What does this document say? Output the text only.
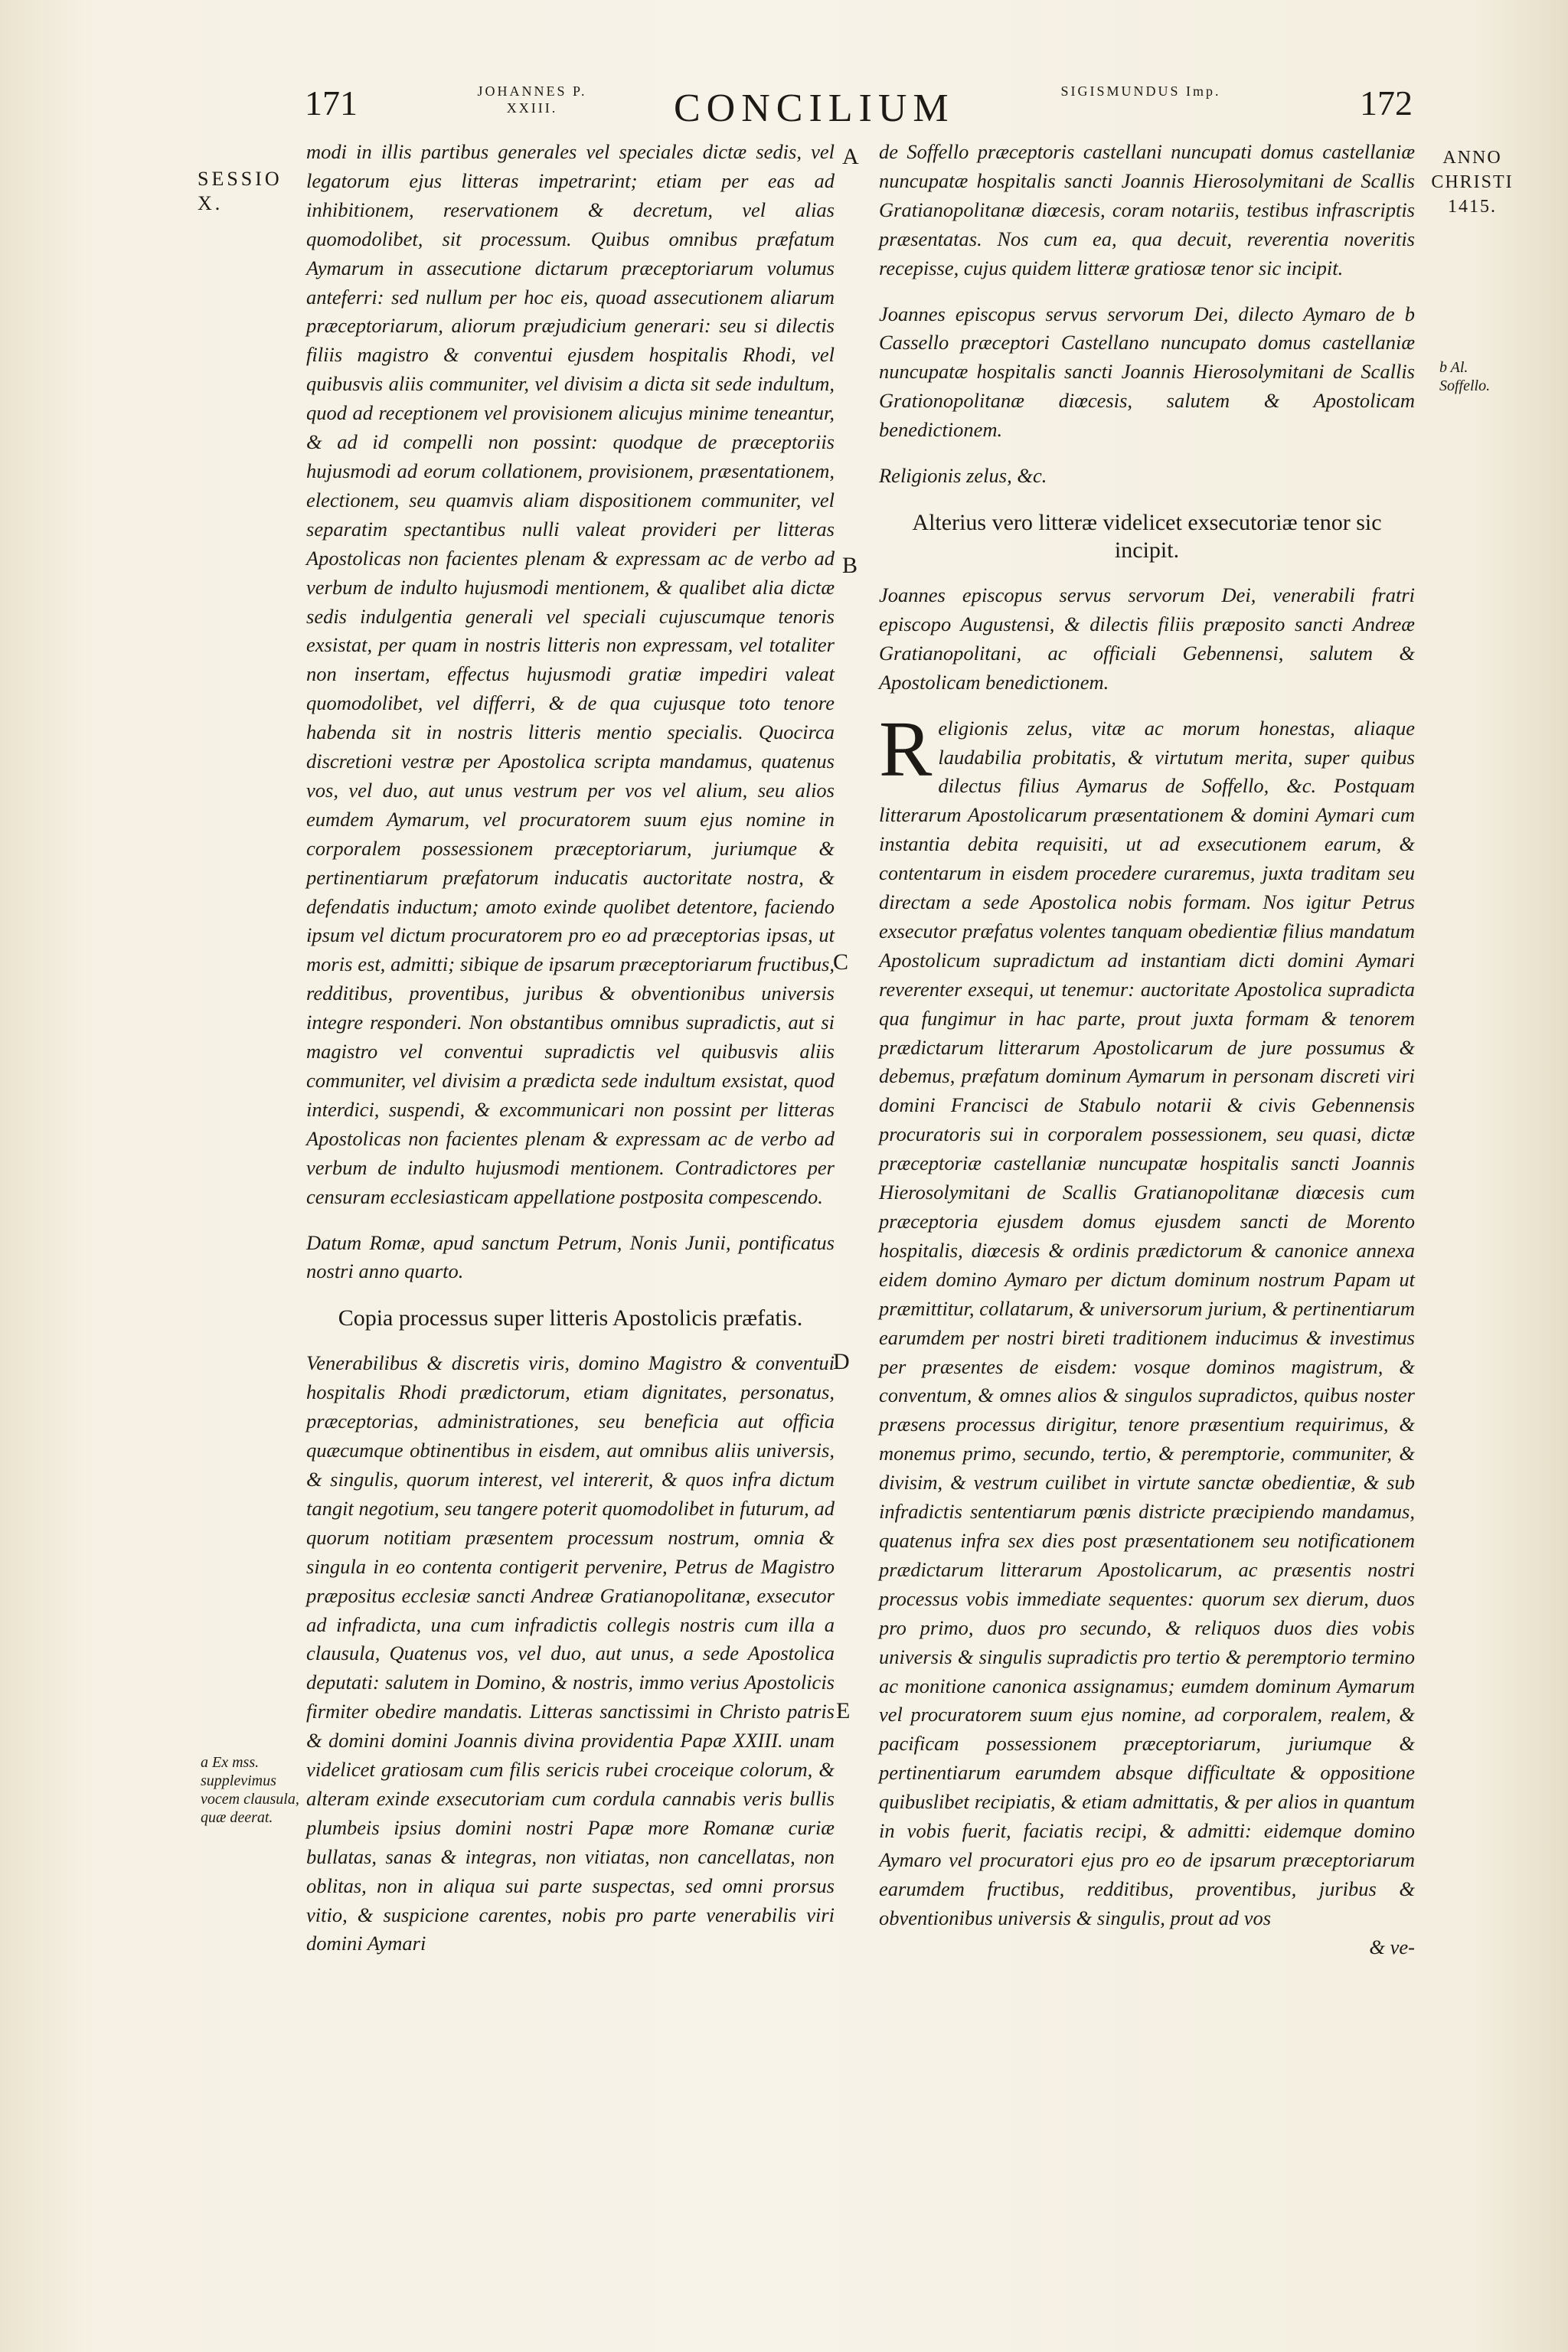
171	JOHANNES P. XXIII.	CONCILIUM	SIGISMUNDUS Imp.	172
SESSIO X.
a Ex mss. supplevimus vocem clausula, quæ deerat.
ANNO CHRISTI 1415.
b Al. Soffello.
A
B
C
D
E

modi in illis partibus generales vel speciales dictæ sedis, vel legatorum ejus litteras impetrarint; etiam per eas ad inhibitionem, reservationem & decretum, vel alias quomodolibet, sit processum. Quibus omnibus præfatum Aymarum in assecutione dictarum præceptoriarum volumus anteferri: sed nullum per hoc eis, quoad assecutionem aliarum præceptoriarum, aliorum præjudicium generari: seu si dilectis filiis magistro & conventui ejusdem hospitalis Rhodi, vel quibusvis aliis communiter, vel divisim a dicta sit sede indultum, quod ad receptionem vel provisionem alicujus minime teneantur, & ad id compelli non possint: quodque de præceptoriis hujusmodi ad eorum collationem, provisionem, præsentationem, electionem, seu quamvis aliam dispositionem communiter, vel separatim spectantibus nulli valeat provideri per litteras Apostolicas non facientes plenam & expressam ac de verbo ad verbum de indulto hujusmodi mentionem, & qualibet alia dictæ sedis indulgentia generali vel speciali cujuscumque tenoris exsistat, per quam in nostris litteris non expressam, vel totaliter non insertam, effectus hujusmodi gratiæ impediri valeat quomodolibet, vel differri, & de qua cujusque toto tenore habenda sit in nostris litteris mentio specialis. Quocirca discretioni vestræ per Apostolica scripta mandamus, quatenus vos, vel duo, aut unus vestrum per vos vel alium, seu alios eumdem Aymarum, vel procuratorem suum ejus nomine in corporalem possessionem præceptoriarum, juriumque & pertinentiarum præfatorum inducatis auctoritate nostra, & defendatis inductum; amoto exinde quolibet detentore, faciendo ipsum vel dictum procuratorem pro eo ad præceptorias ipsas, ut moris est, admitti; sibique de ipsarum præceptoriarum fructibus, redditibus, proventibus, juribus & obventionibus universis integre responderi. Non obstantibus omnibus supradictis, aut si magistro vel conventui supradictis vel quibusvis aliis communiter, vel divisim a prædicta sede indultum exsistat, quod interdici, suspendi, & excommunicari non possint per litteras Apostolicas non facientes plenam & expressam ac de verbo ad verbum de indulto hujusmodi mentionem. Contradictores per censuram ecclesiasticam appellatione postposita compescendo.

Datum Romæ, apud sanctum Petrum, Nonis Junii, pontificatus nostri anno quarto.

Copia processus super litteris Apostolicis præfatis.

Venerabilibus & discretis viris, domino Magistro & conventui hospitalis Rhodi prædictorum, etiam dignitates, personatus, præceptorias, administrationes, seu beneficia aut officia quæcumque obtinentibus in eisdem, aut omnibus aliis universis, & singulis, quorum interest, vel intererit, & quos infra dictum tangit negotium, seu tangere poterit quomodolibet in futurum, ad quorum notitiam præsentem processum nostrum, omnia & singula in eo contenta contigerit pervenire, Petrus de Magistro præpositus ecclesiæ sancti Andreæ Gratianopolitanæ, exsecutor ad infradicta, una cum infradictis collegis nostris cum illa a clausula, Quatenus vos, vel duo, aut unus, a sede Apostolica deputati: salutem in Domino, & nostris, immo verius Apostolicis firmiter obedire mandatis. Litteras sanctissimi in Christo patris & domini domini Joannis divina providentia Papæ XXIII. unam videlicet gratiosam cum filis sericis rubei croceique colorum, & alteram exinde exsecutoriam cum cordula cannabis veris bullis plumbeis ipsius domini nostri Papæ more Romanæ curiæ bullatas, sanas & integras, non vitiatas, non cancellatas, non oblitas, non in aliqua sui parte suspectas, sed omni prorsus vitio, & suspicione carentes, nobis pro parte venerabilis viri domini Aymari

de Soffello præceptoris castellani nuncupati domus castellaniæ nuncupatæ hospitalis sancti Joannis Hierosolymitani de Scallis Gratianopolitanæ diœcesis, coram notariis, testibus infrascriptis præsentatas. Nos cum ea, qua decuit, reverentia noveritis recepisse, cujus quidem litteræ gratiosæ tenor sic incipit.

Joannes episcopus servus servorum Dei, dilecto Aymaro de b Cassello præceptori Castellano nuncupato domus castellaniæ nuncupatæ hospitalis sancti Joannis Hierosolymitani de Scallis Grationopolitanæ diœcesis, salutem & Apostolicam benedictionem.

Religionis zelus, &c.

Alterius vero litteræ videlicet exsecutoriæ tenor sic incipit.

Joannes episcopus servus servorum Dei, venerabili fratri episcopo Augustensi, & dilectis filiis præposito sancti Andreæ Gratianopolitani, ac officiali Gebennensi, salutem & Apostolicam benedictionem.

Religionis zelus, vitæ ac morum honestas, aliaque laudabilia probitatis, & virtutum merita, super quibus dilectus filius Aymarus de Soffello, &c. Postquam litterarum Apostolicarum præsentationem & domini Aymari cum instantia debita requisiti, ut ad exsecutionem earum, & contentarum in eisdem procedere curaremus, juxta traditam seu directam a sede Apostolica nobis formam. Nos igitur Petrus exsecutor præfatus volentes tanquam obedientiæ filius mandatum Apostolicum supradictum ad instantiam dicti domini Aymari reverenter exsequi, ut tenemur: auctoritate Apostolica supradicta qua fungimur in hac parte, prout juxta formam & tenorem prædictarum litterarum Apostolicarum de jure possumus & debemus, præfatum dominum Aymarum in personam discreti viri domini Francisci de Stabulo notarii & civis Gebennensis procuratoris sui in corporalem possessionem, seu quasi, dictæ præceptoriæ castellaniæ nuncupatæ hospitalis sancti Joannis Hierosolymitani de Scallis Gratianopolitanæ diœcesis cum præceptoria ejusdem domus ejusdem sancti de Morento hospitalis, diœcesis & ordinis prædictorum & canonice annexa eidem domino Aymaro per dictum dominum nostrum Papam ut præmittitur, collatarum, & universorum jurium, & pertinentiarum earumdem per nostri bireti traditionem inducimus & investimus per præsentes de eisdem: vosque dominos magistrum, & conventum, & omnes alios & singulos supradictos, quibus noster præsens processus dirigitur, tenore præsentium requirimus, & monemus primo, secundo, tertio, & peremptorie, communiter, & divisim, & vestrum cuilibet in virtute sanctæ obedientiæ, & sub infradictis sententiarum pœnis districte præcipiendo mandamus, quatenus infra sex dies post præsentationem seu notificationem prædictarum litterarum Apostolicarum, ac præsentis nostri processus vobis immediate sequentes: quorum sex dierum, duos pro primo, duos pro secundo, & reliquos duos dies vobis universis & singulis supradictis pro tertio & peremptorio termino ac monitione canonica assignamus; eumdem dominum Aymarum vel procuratorem suum ejus nomine, ad corporalem, realem, & pacificam possessionem præceptoriarum, juriumque & pertinentiarum earumdem absque difficultate & oppositione quibuslibet recipiatis, & etiam admittatis, & per alios in quantum in vobis fuerit, faciatis recipi, & admitti: eidemque domino Aymaro vel procuratori ejus pro eo de ipsarum præceptoriarum earumdem fructibus, redditibus, proventibus, juribus & obventionibus universis & singulis, prout ad vos

& ve-
